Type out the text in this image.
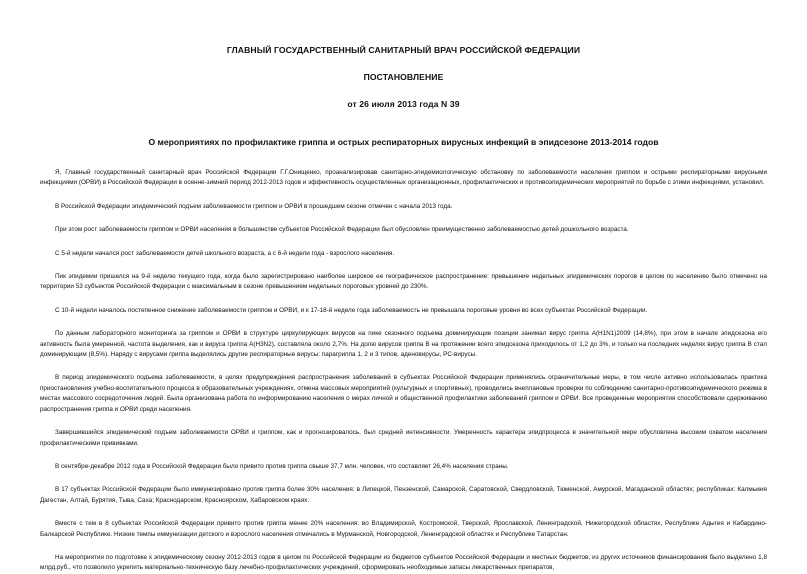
ГЛАВНЫЙ ГОСУДАРСТВЕННЫЙ САНИТАРНЫЙ ВРАЧ РОССИЙСКОЙ ФЕДЕРАЦИИ

ПОСТАНОВЛЕНИЕ

от 26 июля 2013 года N 39

О мероприятиях по профилактике гриппа и острых респираторных вирусных инфекций в эпидсезоне 2013-2014 годов

Я, Главный государственный санитарный врач Российской Федерации Г.Г.Онищенко, проанализировав санитарно-эпидемиологическую обстановку по заболеваемости населения гриппом и острыми респираторными вирусными инфекциями (ОРВИ) в Российской Федерации в осенне-зимний период 2012-2013 годов и эффективность осуществленных организационных, профилактических и противоэпидемических мероприятий по борьбе с этими инфекциями, установил.

В Российской Федерации эпидемический подъем заболеваемости гриппом и ОРВИ в прошедшем сезоне отмечен с начала 2013 года.

При этом рост заболеваемости гриппом и ОРВИ населения в большинстве субъектов Российской Федерации был обусловлен преимущественно заболеваемостью детей дошкольного возраста.

С 5-й недели начался рост заболеваемости детей школьного возраста, а с 6-й недели года - взрослого населения.

Пик эпидемии пришелся на 9-й неделю текущего года, когда было зарегистрировано наиболее широкое ее географическое распространение: превышение недельных эпидемических порогов в целом по населению было отмечено на территории 53 субъектов Российской Федерации с максимальным в сезоне превышением недельных пороговых уровней до 230%.

С 10-й недели началось постепенное снижение заболеваемости гриппом и ОРВИ, и к 17-18-й неделе года заболеваемость не превышала пороговые уровни во всех субъектах Российской Федерации.

По данным лабораторного мониторинга за гриппом и ОРВИ в структуре циркулирующих вирусов на пике сезонного подъема доминирующие позиции занимал вирус гриппа A(H1N1)2009 (14,8%), при этом в начале эпидсезона его активность была умеренной, частота выделения, как и вируса гриппа A(H3N2), составляла около 2,7%. На долю вирусов гриппа В на протяжении всего эпидсезона приходилось от 1,2 до 3%, и только на последних неделях вирус гриппа В стал доминирующим (8,5%). Наряду с вирусами гриппа выделялись другие респираторные вирусы: парагриппа 1, 2 и 3 типов, аденовирусы, PC-вирусы.

В период эпидемического подъема заболеваемости, в целях предупреждения распространения заболеваний в субъектах Российской Федерации применялись ограничительные меры, в том числе активно использовалась практика приостановления учебно-воспитательного процесса в образовательных учреждениях, отмена массовых мероприятий (культурных и спортивных), проводились внеплановые проверки по соблюдению санитарно-противоэпидемического режима в местах массового сосредоточения людей. Была организована работа по информированию населения о мерах личной и общественной профилактики заболеваний гриппом и ОРВИ. Все проведенные мероприятия способствовали сдерживанию распространения гриппа и ОРВИ среди населения.

Завершившийся эпидемический подъем заболеваемости ОРВИ и гриппом, как и прогнозировалось, был средней интенсивности. Умеренность характера эпидпроцесса в значительной мере обусловлена высоким охватом населения профилактическими прививками.

В сентябре-декабре 2012 года в Российской Федерации было привито против гриппа свыше 37,7 млн. человек, что составляет 26,4% населения страны.

В 17 субъектах Российской Федерации было иммунизировано против гриппа более 30% населения: в Липецкой, Пензенской, Самарской, Саратовской, Свердловской, Тюменской, Амурской, Магаданской областях; республиках: Калмыкия Дагестан, Алтай, Бурятия, Тыва, Саха; Краснодарском, Красноярском, Хабаровском краях.

Вместе с тем в 8 субъектах Российской Федерации привито против гриппа менее 20% населения: во Владимирской, Костромской, Тверской, Ярославской, Ленинградской, Нижегородской областях, Республике Адыгея и Кабардино-Балкарской Республике. Низкие темпы иммунизации детского и взрослого населения отмечались в Мурманской, Новгородской, Ленинградской областях и Республике Татарстан.

На мероприятия по подготовке к эпидемическому сезону 2012-2013 годов в целом по Российской Федерации из бюджетов субъектов Российской Федерации и местных бюджетов, из других источников финансирования было выделено 1,8 млрд.руб., что позволило укрепить материально-техническую базу лечебно-профилактических учреждений, сформировать необходимые запасы лекарственных препаратов,
